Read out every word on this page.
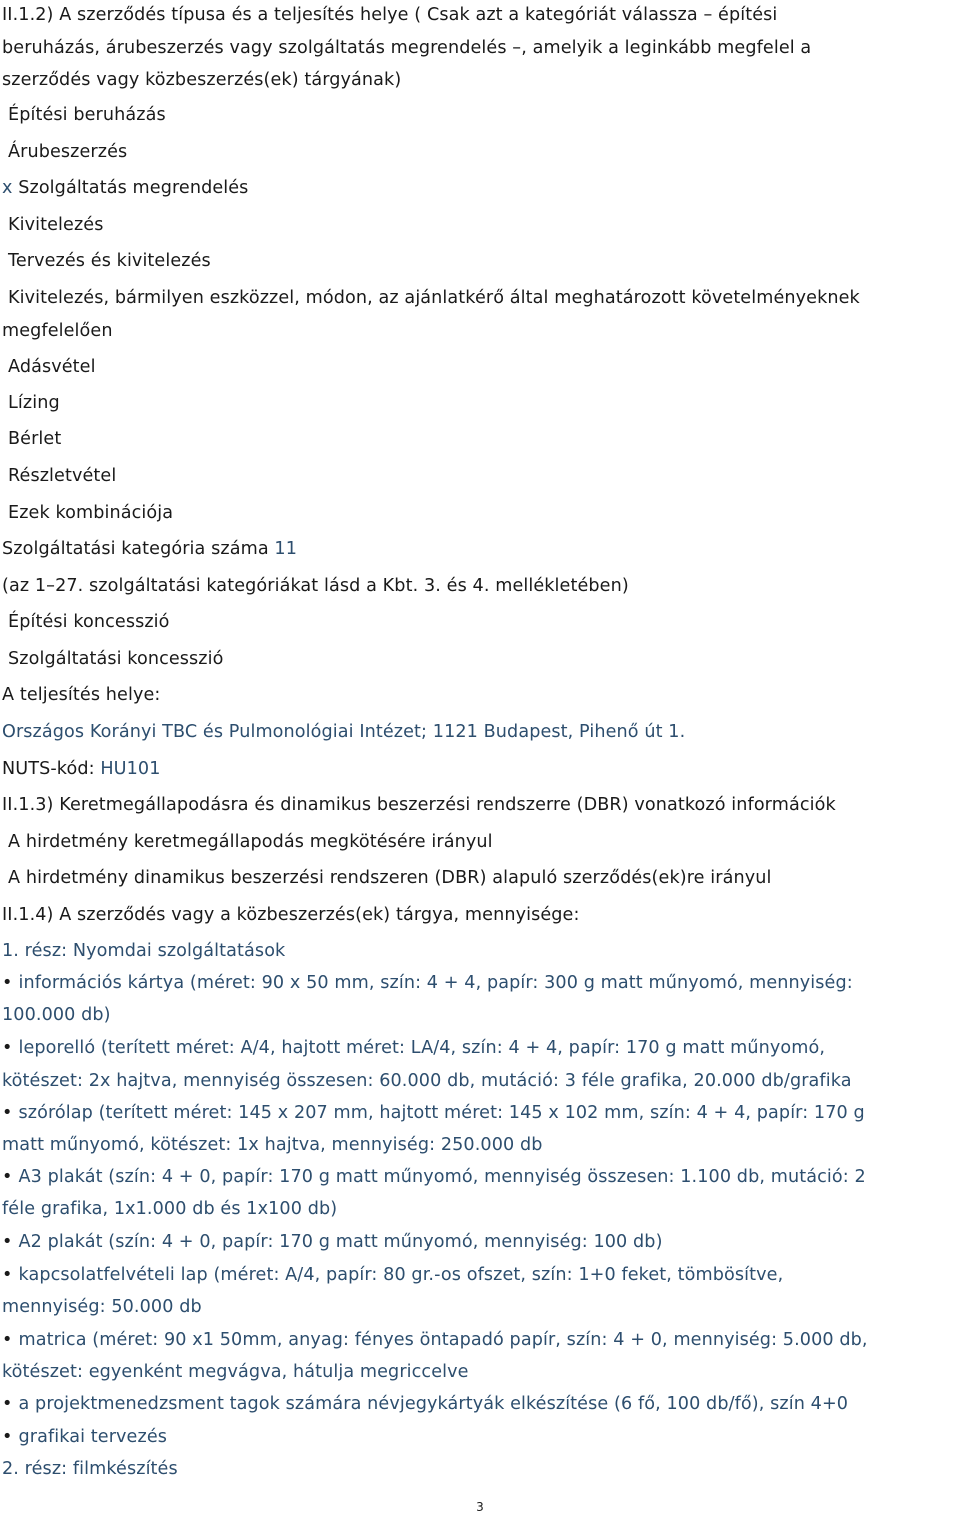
II.1.2) A szerződés típusa és a teljesítés helye ( Csak azt a kategóriát válassza – építési
beruházás, árubeszerzés vagy szolgáltatás megrendelés –, amelyik a leginkább megfelel a
szerződés vagy közbeszerzés(ek) tárgyának)
Építési beruházás
Árubeszerzés
x Szolgáltatás megrendelés
Kivitelezés
Tervezés és kivitelezés
Kivitelezés, bármilyen eszközzel, módon, az ajánlatkérő által meghatározott követelményeknek
megfelelően
Adásvétel
Lízing
Bérlet
Részletvétel
Ezek kombinációja
Szolgáltatási kategória száma 11
(az 1–27. szolgáltatási kategóriákat lásd a Kbt. 3. és 4. mellékletében)
Építési koncesszió
Szolgáltatási koncesszió
A teljesítés helye:
Országos Korányi TBC és Pulmonológiai Intézet; 1121 Budapest, Pihenő út 1.
NUTS-kód: HU101
II.1.3) Keretmegállapodásra és dinamikus beszerzési rendszerre (DBR) vonatkozó információk
A hirdetmény keretmegállapodás megkötésére irányul
A hirdetmény dinamikus beszerzési rendszeren (DBR) alapuló szerződés(ek)re irányul
II.1.4) A szerződés vagy a közbeszerzés(ek) tárgya, mennyisége:
1. rész: Nyomdai szolgáltatások
• információs kártya (méret: 90 x 50 mm, szín: 4 + 4, papír: 300 g matt műnyomó, mennyiség:
100.000 db)
• leporelló (terített méret: A/4, hajtott méret: LA/4, szín: 4 + 4, papír: 170 g matt műnyomó,
kötészet: 2x hajtva, mennyiség összesen: 60.000 db, mutáció: 3 féle grafika, 20.000 db/grafika
• szórólap (terített méret: 145 x 207 mm, hajtott méret: 145 x 102 mm, szín: 4 + 4, papír: 170 g
matt műnyomó, kötészet: 1x hajtva, mennyiség: 250.000 db
• A3 plakát (szín: 4 + 0, papír: 170 g matt műnyomó, mennyiség összesen: 1.100 db, mutáció: 2
féle grafika, 1x1.000 db és 1x100 db)
• A2 plakát (szín: 4 + 0, papír: 170 g matt műnyomó, mennyiség: 100 db)
• kapcsolatfelvételi lap (méret: A/4, papír: 80 gr.-os ofszet, szín: 1+0 feket, tömbösítve,
mennyiség: 50.000 db
• matrica (méret: 90 x1 50mm, anyag: fényes öntapadó papír, szín: 4 + 0, mennyiség: 5.000 db,
kötészet: egyenként megvágva, hátulja megriccelve
• a projektmenedzsment tagok számára névjegykártyák elkészítése (6 fő, 100 db/fő), szín 4+0
• grafikai tervezés
2. rész: filmkészítés
3
